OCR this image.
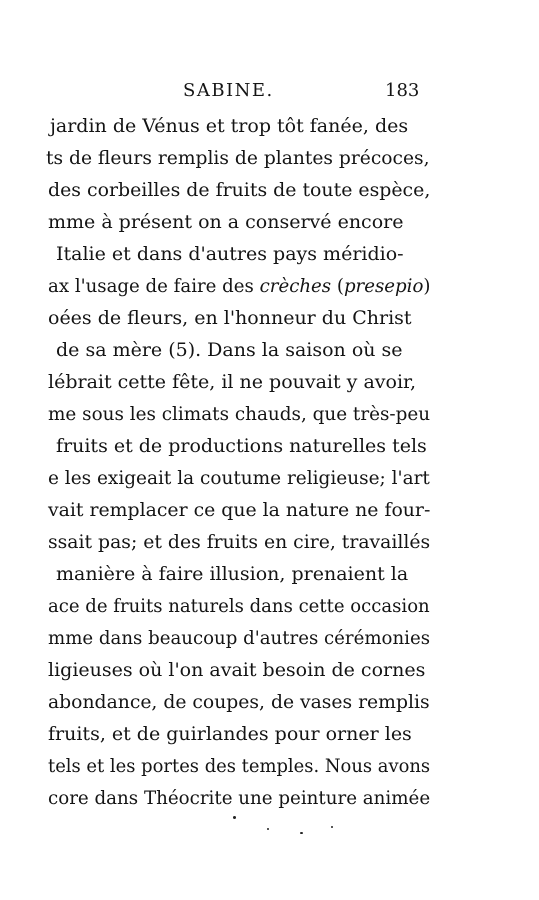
SABINE.	183
jardin de Vénus et trop tôt fanée, des
ts de fleurs remplis de plantes précoces,
des corbeilles de fruits de toute espèce,
mme à présent on a conservé encore
Italie et dans d'autres pays méridio-
ax l'usage de faire des crèches (presepio)
oées de fleurs, en l'honneur du Christ
de sa mère (5). Dans la saison où se
lébrait cette fête, il ne pouvait y avoir,
me sous les climats chauds, que très-peu
fruits et de productions naturelles tels
e les exigeait la coutume religieuse; l'art
vait remplacer ce que la nature ne four-
ssait pas; et des fruits en cire, travaillés
manière à faire illusion, prenaient la
ace de fruits naturels dans cette occasion
mme dans beaucoup d'autres cérémonies
ligieuses où l'on avait besoin de cornes
abondance, de coupes, de vases remplis
fruits, et de guirlandes pour orner les
tels et les portes des temples. Nous avons
core dans Théocrite une peinture animée
